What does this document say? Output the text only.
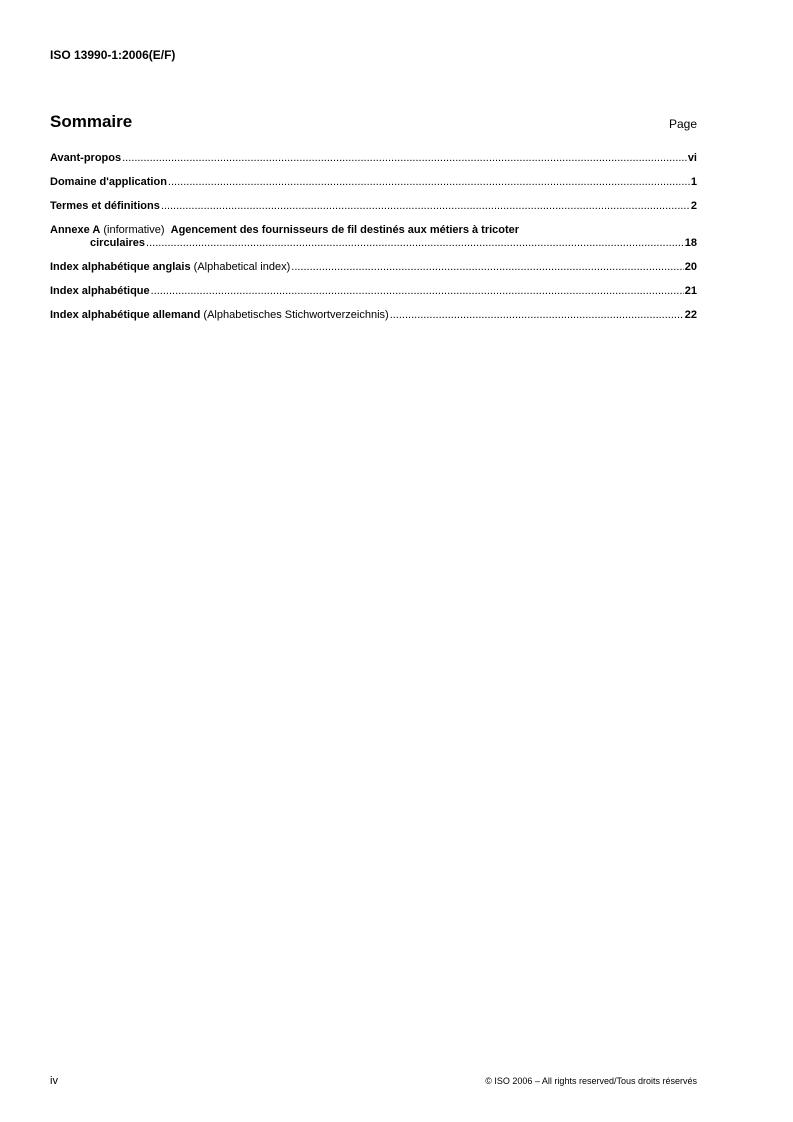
ISO 13990-1:2006(E/F)
Sommaire	Page
Avant-propos .....	vi
Domaine d'application .....	1
Termes et définitions .....	2
Annexe A (informative) Agencement des fournisseurs de fil destinés aux métiers à tricoter
circulaires .....	18
Index alphabétique anglais (Alphabetical index) .....	20
Index alphabétique .....	21
Index alphabétique allemand (Alphabetisches Stichwortverzeichnis) .....	22
iv	© ISO 2006 – All rights reserved/Tous droits réservés
